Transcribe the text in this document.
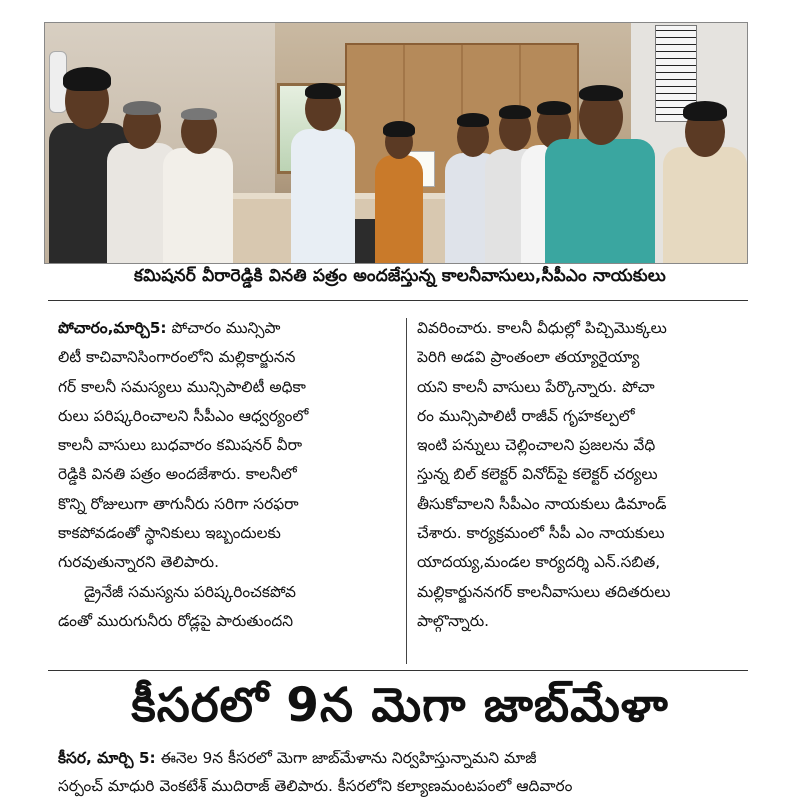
కమిషనర్ వీరారెడ్డికి వినతి పత్రం అందజేస్తున్న కాలనీవాసులు,సీపీఎం నాయకులు
పోచారం,మార్చి5: పోచారం మున్సిపా
లిటీ కాచివానిసింగారంలోని మల్లికార్జునన
గర్ కాలనీ సమస్యలు మున్సిపాలిటీ అధికా
రులు పరిష్కరించాలని సీపీఎం ఆధ్వర్యంలో
కాలనీ వాసులు బుధవారం కమిషనర్ వీరా
రెడ్డికి వినతి పత్రం అందజేశారు. కాలనీలో
కొన్ని రోజులుగా తాగునీరు సరిగా సరఫరా
కాకపోవడంతో స్థానికులు ఇబ్బందులకు
గురవుతున్నారని తెలిపారు.
డ్రైనేజీ సమస్యను పరిష్కరించకపోవ
డంతో మురుగునీరు రోడ్లపై పారుతుందని
వివరించారు. కాలనీ వీధుల్లో పిచ్చిమొక్కలు
పెరిగి అడవి ప్రాంతంలా తయ్యారైయ్యా
యని కాలనీ వాసులు పేర్కొన్నారు. పోచా
రం మున్సిపాలిటీ రాజీవ్ గృహకల్పలో
ఇంటి పన్నులు చెల్లించాలని ప్రజలను వేధి
స్తున్న బిల్ కలెక్టర్ వినోద్‌పై కలెక్టర్ చర్యలు
తీసుకోవాలని సీపీఎం నాయకులు డిమాండ్
చేశారు. కార్యక్రమంలో సీపీ ఎం నాయకులు
యాదయ్య,మండల కార్యదర్శి ఎన్.సబిత,
మల్లికార్జుననగర్ కాలనీవాసులు తదితరులు
పాల్గొన్నారు.
కీసరలో 9న మెగా జాబ్‌మేళా
కీసర, మార్చి 5: ఈనెల 9న కీసరలో మెగా జాబ్‌మేళాను నిర్వహిస్తున్నామని మాజీ
సర్పంచ్ మాధురి వెంకటేశ్ ముదిరాజ్ తెలిపారు. కీసరలోని కల్యాణమంటపంలో ఆదివారం
